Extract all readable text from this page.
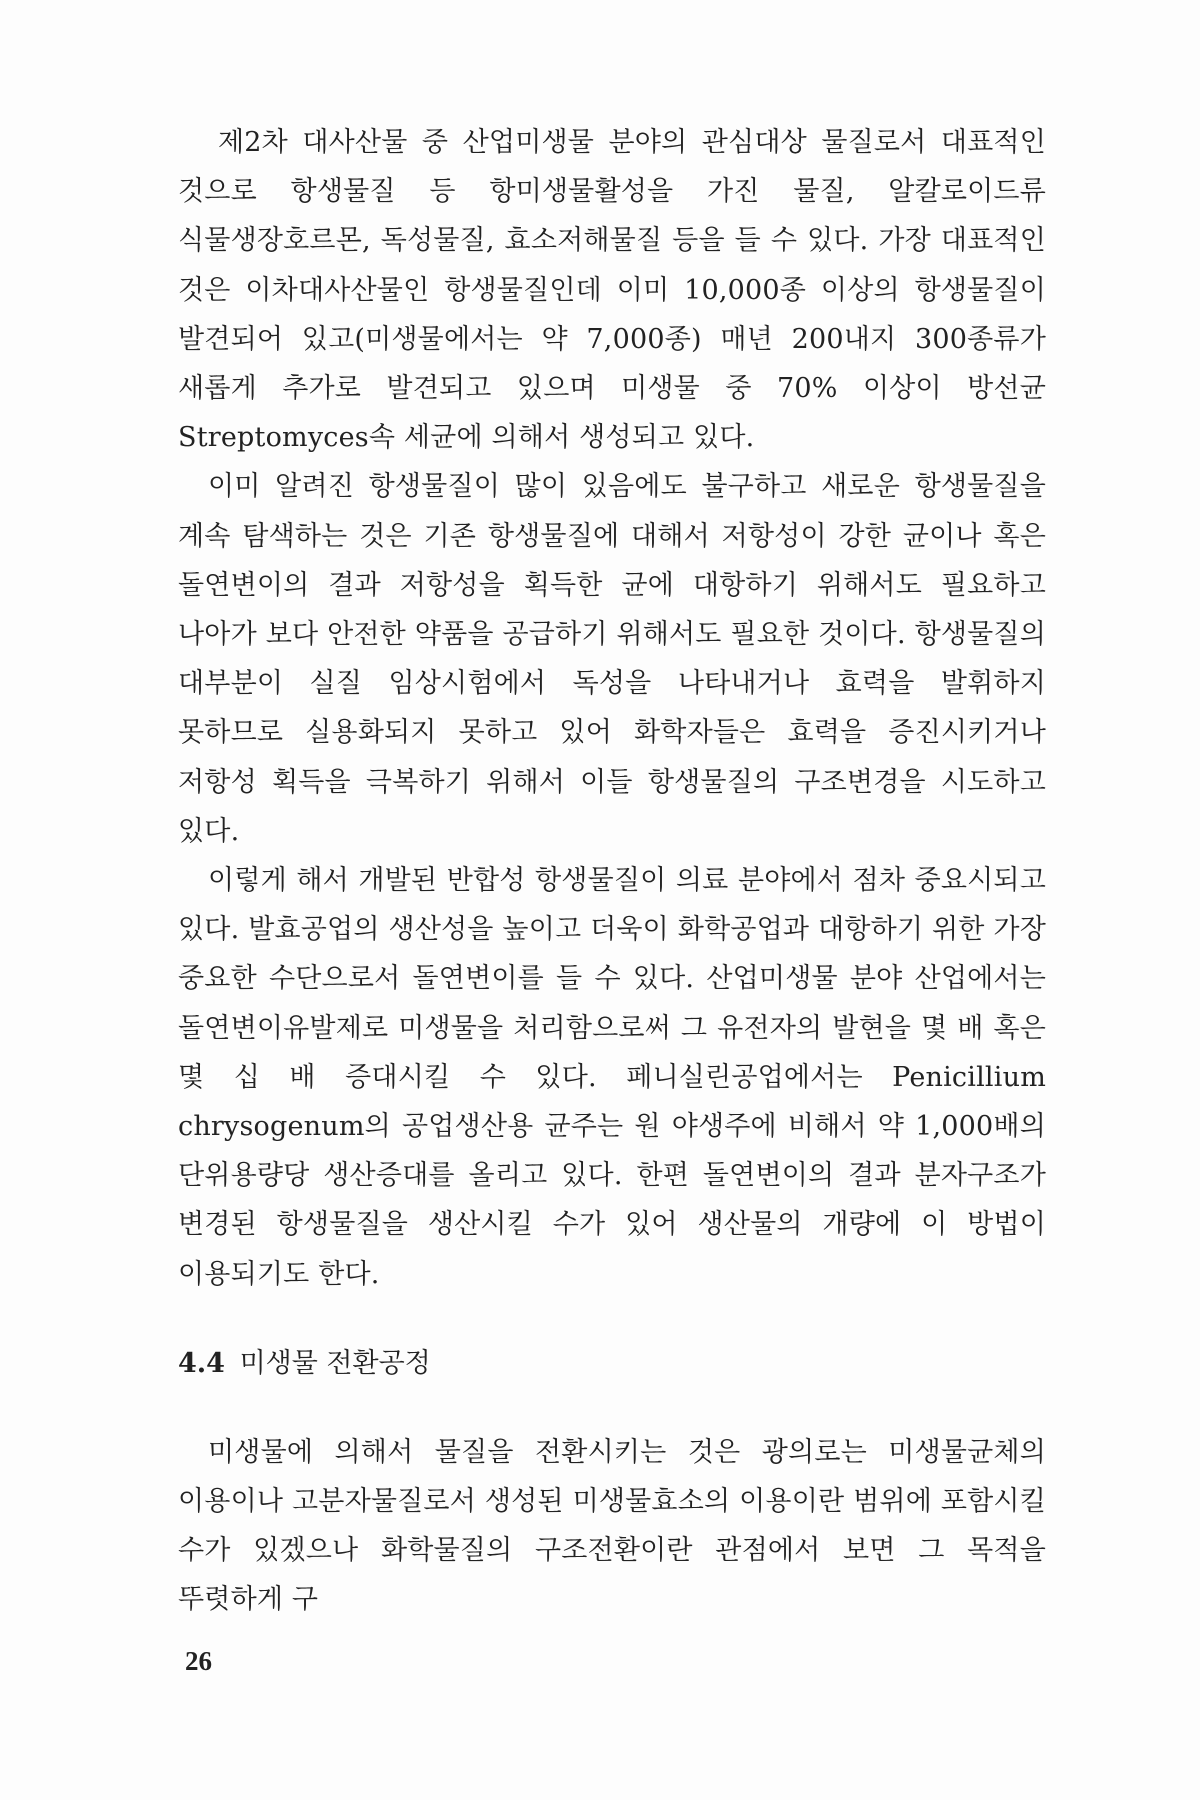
제2차 대사산물 중 산업미생물 분야의 관심대상 물질로서 대표적인 것으로 항생물질 등 항미생물활성을 가진 물질, 알칼로이드류 식물생장호르몬, 독성물질, 효소저해물질 등을 들 수 있다. 가장 대표적인 것은 이차대사산물인 항생물질인데 이미 10,000종 이상의 항생물질이 발견되어 있고(미생물에서는 약 7,000종) 매년 200내지 300종류가 새롭게 추가로 발견되고 있으며 미생물 중 70% 이상이 방선균 Streptomyces속 세균에 의해서 생성되고 있다.

이미 알려진 항생물질이 많이 있음에도 불구하고 새로운 항생물질을 계속 탐색하는 것은 기존 항생물질에 대해서 저항성이 강한 균이나 혹은 돌연변이의 결과 저항성을 획득한 균에 대항하기 위해서도 필요하고 나아가 보다 안전한 약품을 공급하기 위해서도 필요한 것이다. 항생물질의 대부분이 실질 임상시험에서 독성을 나타내거나 효력을 발휘하지 못하므로 실용화되지 못하고 있어 화학자들은 효력을 증진시키거나 저항성 획득을 극복하기 위해서 이들 항생물질의 구조변경을 시도하고 있다.

이렇게 해서 개발된 반합성 항생물질이 의료 분야에서 점차 중요시되고 있다. 발효공업의 생산성을 높이고 더욱이 화학공업과 대항하기 위한 가장 중요한 수단으로서 돌연변이를 들 수 있다. 산업미생물 분야 산업에서는 돌연변이유발제로 미생물을 처리함으로써 그 유전자의 발현을 몇 배 혹은 몇 십 배 증대시킬 수 있다. 페니실린공업에서는 Penicillium chrysogenum의 공업생산용 균주는 원 야생주에 비해서 약 1,000배의 단위용량당 생산증대를 올리고 있다. 한편 돌연변이의 결과 분자구조가 변경된 항생물질을 생산시킬 수가 있어 생산물의 개량에 이 방법이 이용되기도 한다.

4.4 미생물 전환공정

미생물에 의해서 물질을 전환시키는 것은 광의로는 미생물균체의 이용이나 고분자물질로서 생성된 미생물효소의 이용이란 범위에 포함시킬 수가 있겠으나 화학물질의 구조전환이란 관점에서 보면 그 목적을 뚜렷하게 구

26
